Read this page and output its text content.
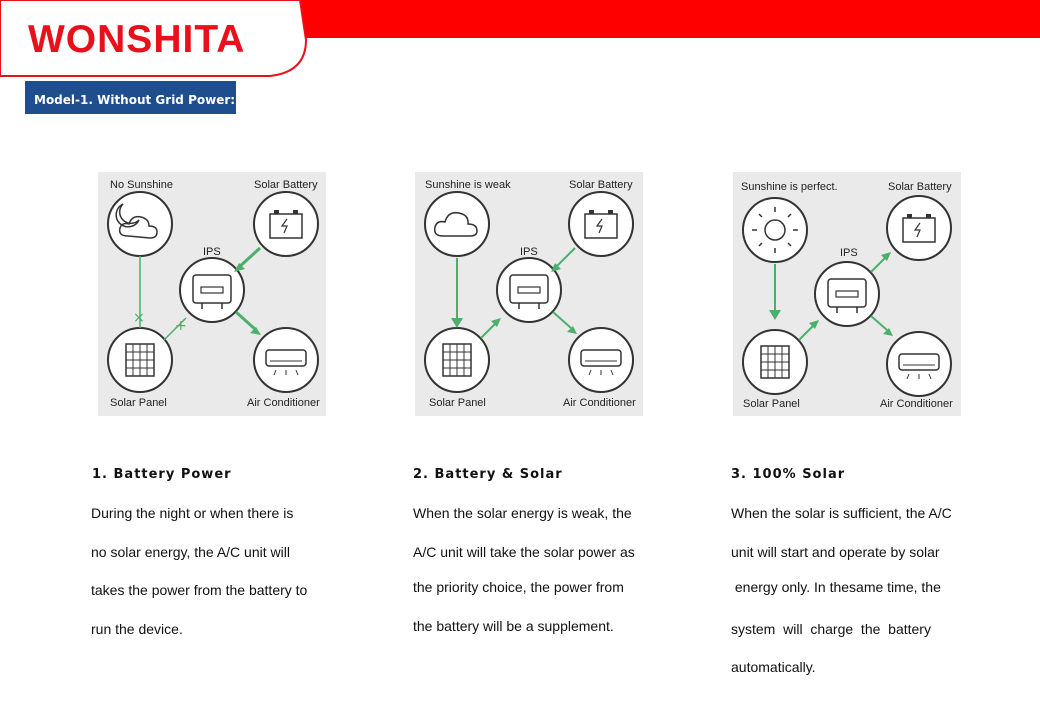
WONSHITA
Model-1. Without Grid Power:
× +
No Sunshine	Solar Battery
IPS
Solar Panel	Air Conditioner
Sunshine is weak	Solar Battery
IPS
Solar Panel	Air Conditioner
Sunshine is perfect.	Solar Battery
IPS
Solar Panel	Air Conditioner
1. Battery Power
During the night or when there is
no solar energy, the A/C unit will
takes the power from the battery to
run the device.
2. Battery & Solar
When the solar energy is weak, the
A/C unit will take the solar power as
the priority choice, the power from
the battery will be a supplement.
3. 100% Solar
When the solar is sufficient, the A/C
unit will start and operate by solar
energy only. In thesame time, the
system  will  charge  the  battery
automatically.
